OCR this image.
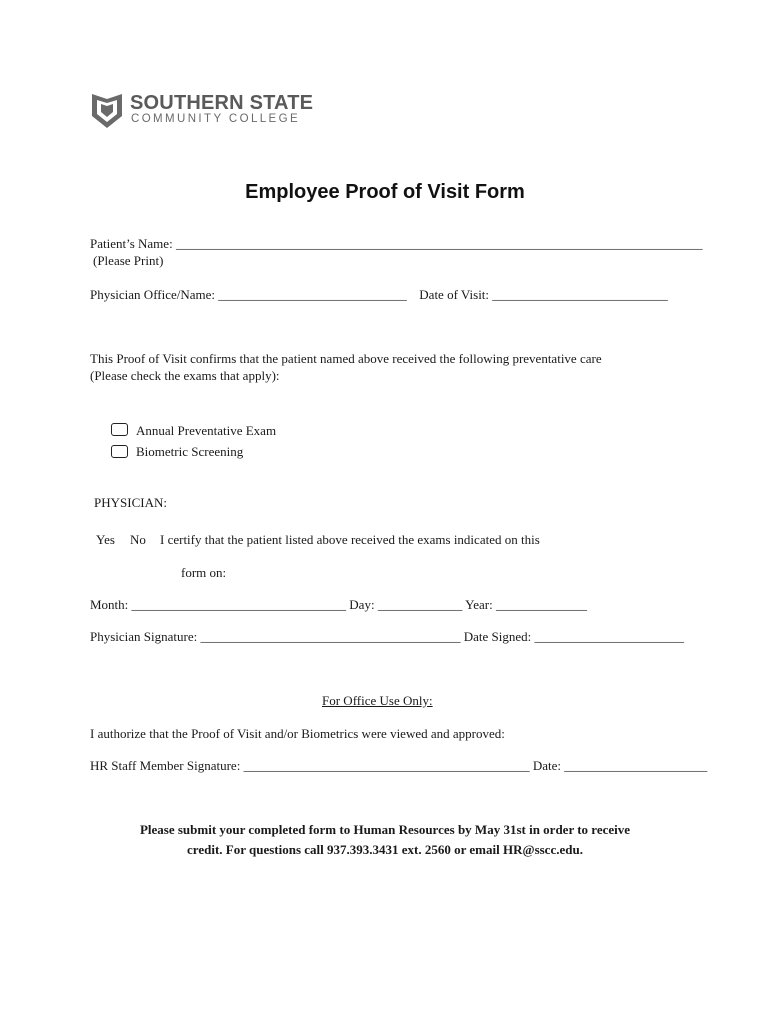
SOUTHERN STATE
COMMUNITY COLLEGE
Employee Proof of Visit Form
Patient’s Name: _________________________________________________________________________________
(Please Print)
Physician Office/Name: _____________________________ Date of Visit: ___________________________
This Proof of Visit confirms that the patient named above received the following preventative care
(Please check the exams that apply):
Annual Preventative Exam
Biometric Screening
PHYSICIAN:
Yes No I certify that the patient listed above received the exams indicated on this
form on:
Month: _________________________________ Day: _____________ Year: ______________
Physician Signature: ________________________________________ Date Signed: _______________________
For Office Use Only:
I authorize that the Proof of Visit and/or Biometrics were viewed and approved:
HR Staff Member Signature: ____________________________________________ Date: ______________________
Please submit your completed form to Human Resources by May 31st in order to receive
credit. For questions call 937.393.3431 ext. 2560 or email HR@sscc.edu.
